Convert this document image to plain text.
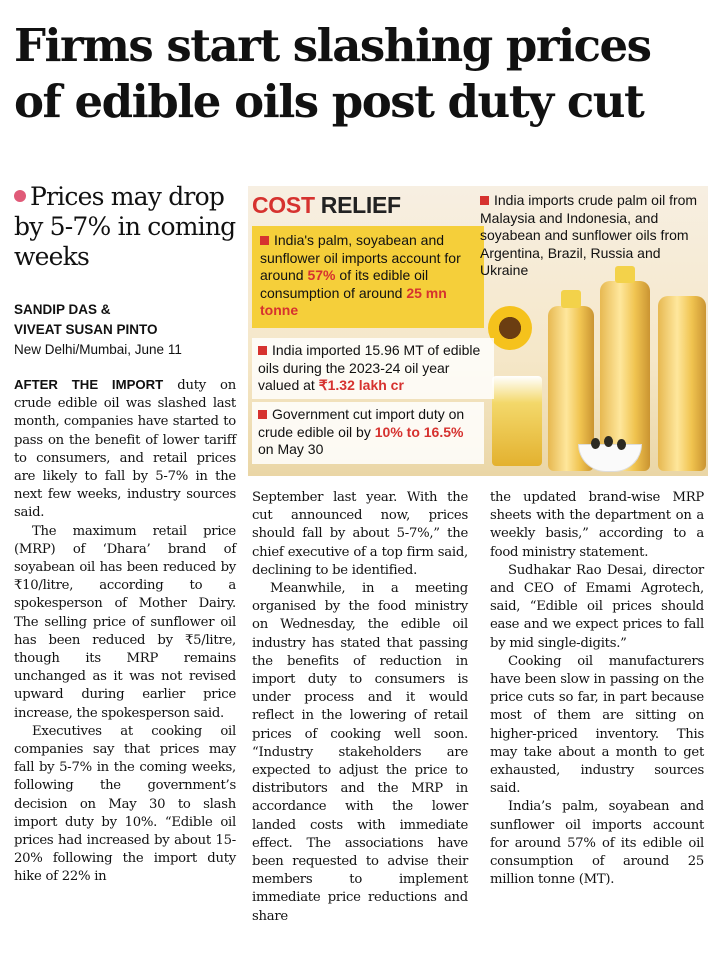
Firms start slashing prices
of edible oils post duty cut
Prices may drop by 5-7% in coming weeks
SANDIP DAS &
VIVEAT SUSAN PINTO
New Delhi/Mumbai, June 11
COST RELIEF
India's palm, soyabean and sunflower oil imports account for around 57% of its edible oil consumption of around 25 mn tonne
India imported 15.96 MT of edible oils during the 2023-24 oil year valued at ₹1.32 lakh cr
Government cut import duty on crude edible oil by 10% to 16.5% on May 30
India imports crude palm oil from Malaysia and Indonesia, and soyabean and sunflower oils from Argentina, Brazil, Russia and Ukraine

AFTER THE IMPORT duty on crude edible oil was slashed last month, companies have started to pass on the benefit of lower tariff to consumers, and retail prices are likely to fall by 5-7% in the next few weeks, industry sources said.

The maximum retail price (MRP) of ‘Dhara’ brand of soyabean oil has been reduced by ₹10/litre, according to a spokesperson of Mother Dairy. The selling price of sunflower oil has been reduced by ₹5/litre, though its MRP remains unchanged as it was not revised upward during earlier price increase, the spokesperson said.

Executives at cooking oil companies say that prices may fall by 5-7% in the coming weeks, following the government’s decision on May 30 to slash import duty by 10%. “Edible oil prices had increased by about 15-20% following the import duty hike of 22% in

September last year. With the cut announced now, prices should fall by about 5-7%,” the chief executive of a top firm said, declining to be identified.

Meanwhile, in a meeting organised by the food ministry on Wednesday, the edible oil industry has stated that passing the benefits of reduction in import duty to consumers is under process and it would reflect in the lowering of retail prices of cooking well soon. “Industry stakeholders are expected to adjust the price to distributors and the MRP in accordance with the lower landed costs with immediate effect. The associations have been requested to advise their members to implement immediate price reductions and share

the updated brand-wise MRP sheets with the department on a weekly basis,” according to a food ministry statement.

Sudhakar Rao Desai, director and CEO of Emami Agrotech, said, “Edible oil prices should ease and we expect prices to fall by mid single-digits.”

Cooking oil manufacturers have been slow in passing on the price cuts so far, in part because most of them are sitting on higher-priced inventory. This may take about a month to get exhausted, industry sources said.

India’s palm, soyabean and sunflower oil imports account for around 57% of its edible oil consumption of around 25 million tonne (MT).
